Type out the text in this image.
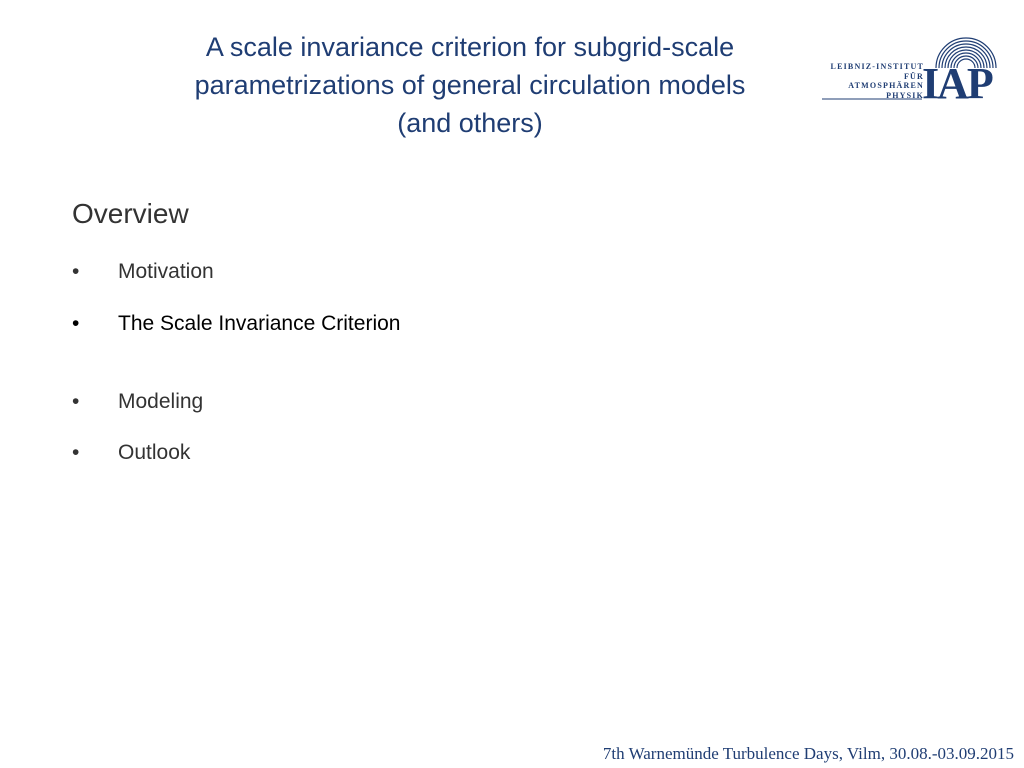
A scale invariance criterion for subgrid-scale
parametrizations of general circulation models
(and others)
IAP
LEIBNIZ-INSTITUT
FÜR
ATMOSPHÄREN
PHYSIK
Overview
• Motivation
• The Scale Invariance Criterion
• Modeling
• Outlook
7th Warnemünde Turbulence Days, Vilm, 30.08.-03.09.2015
